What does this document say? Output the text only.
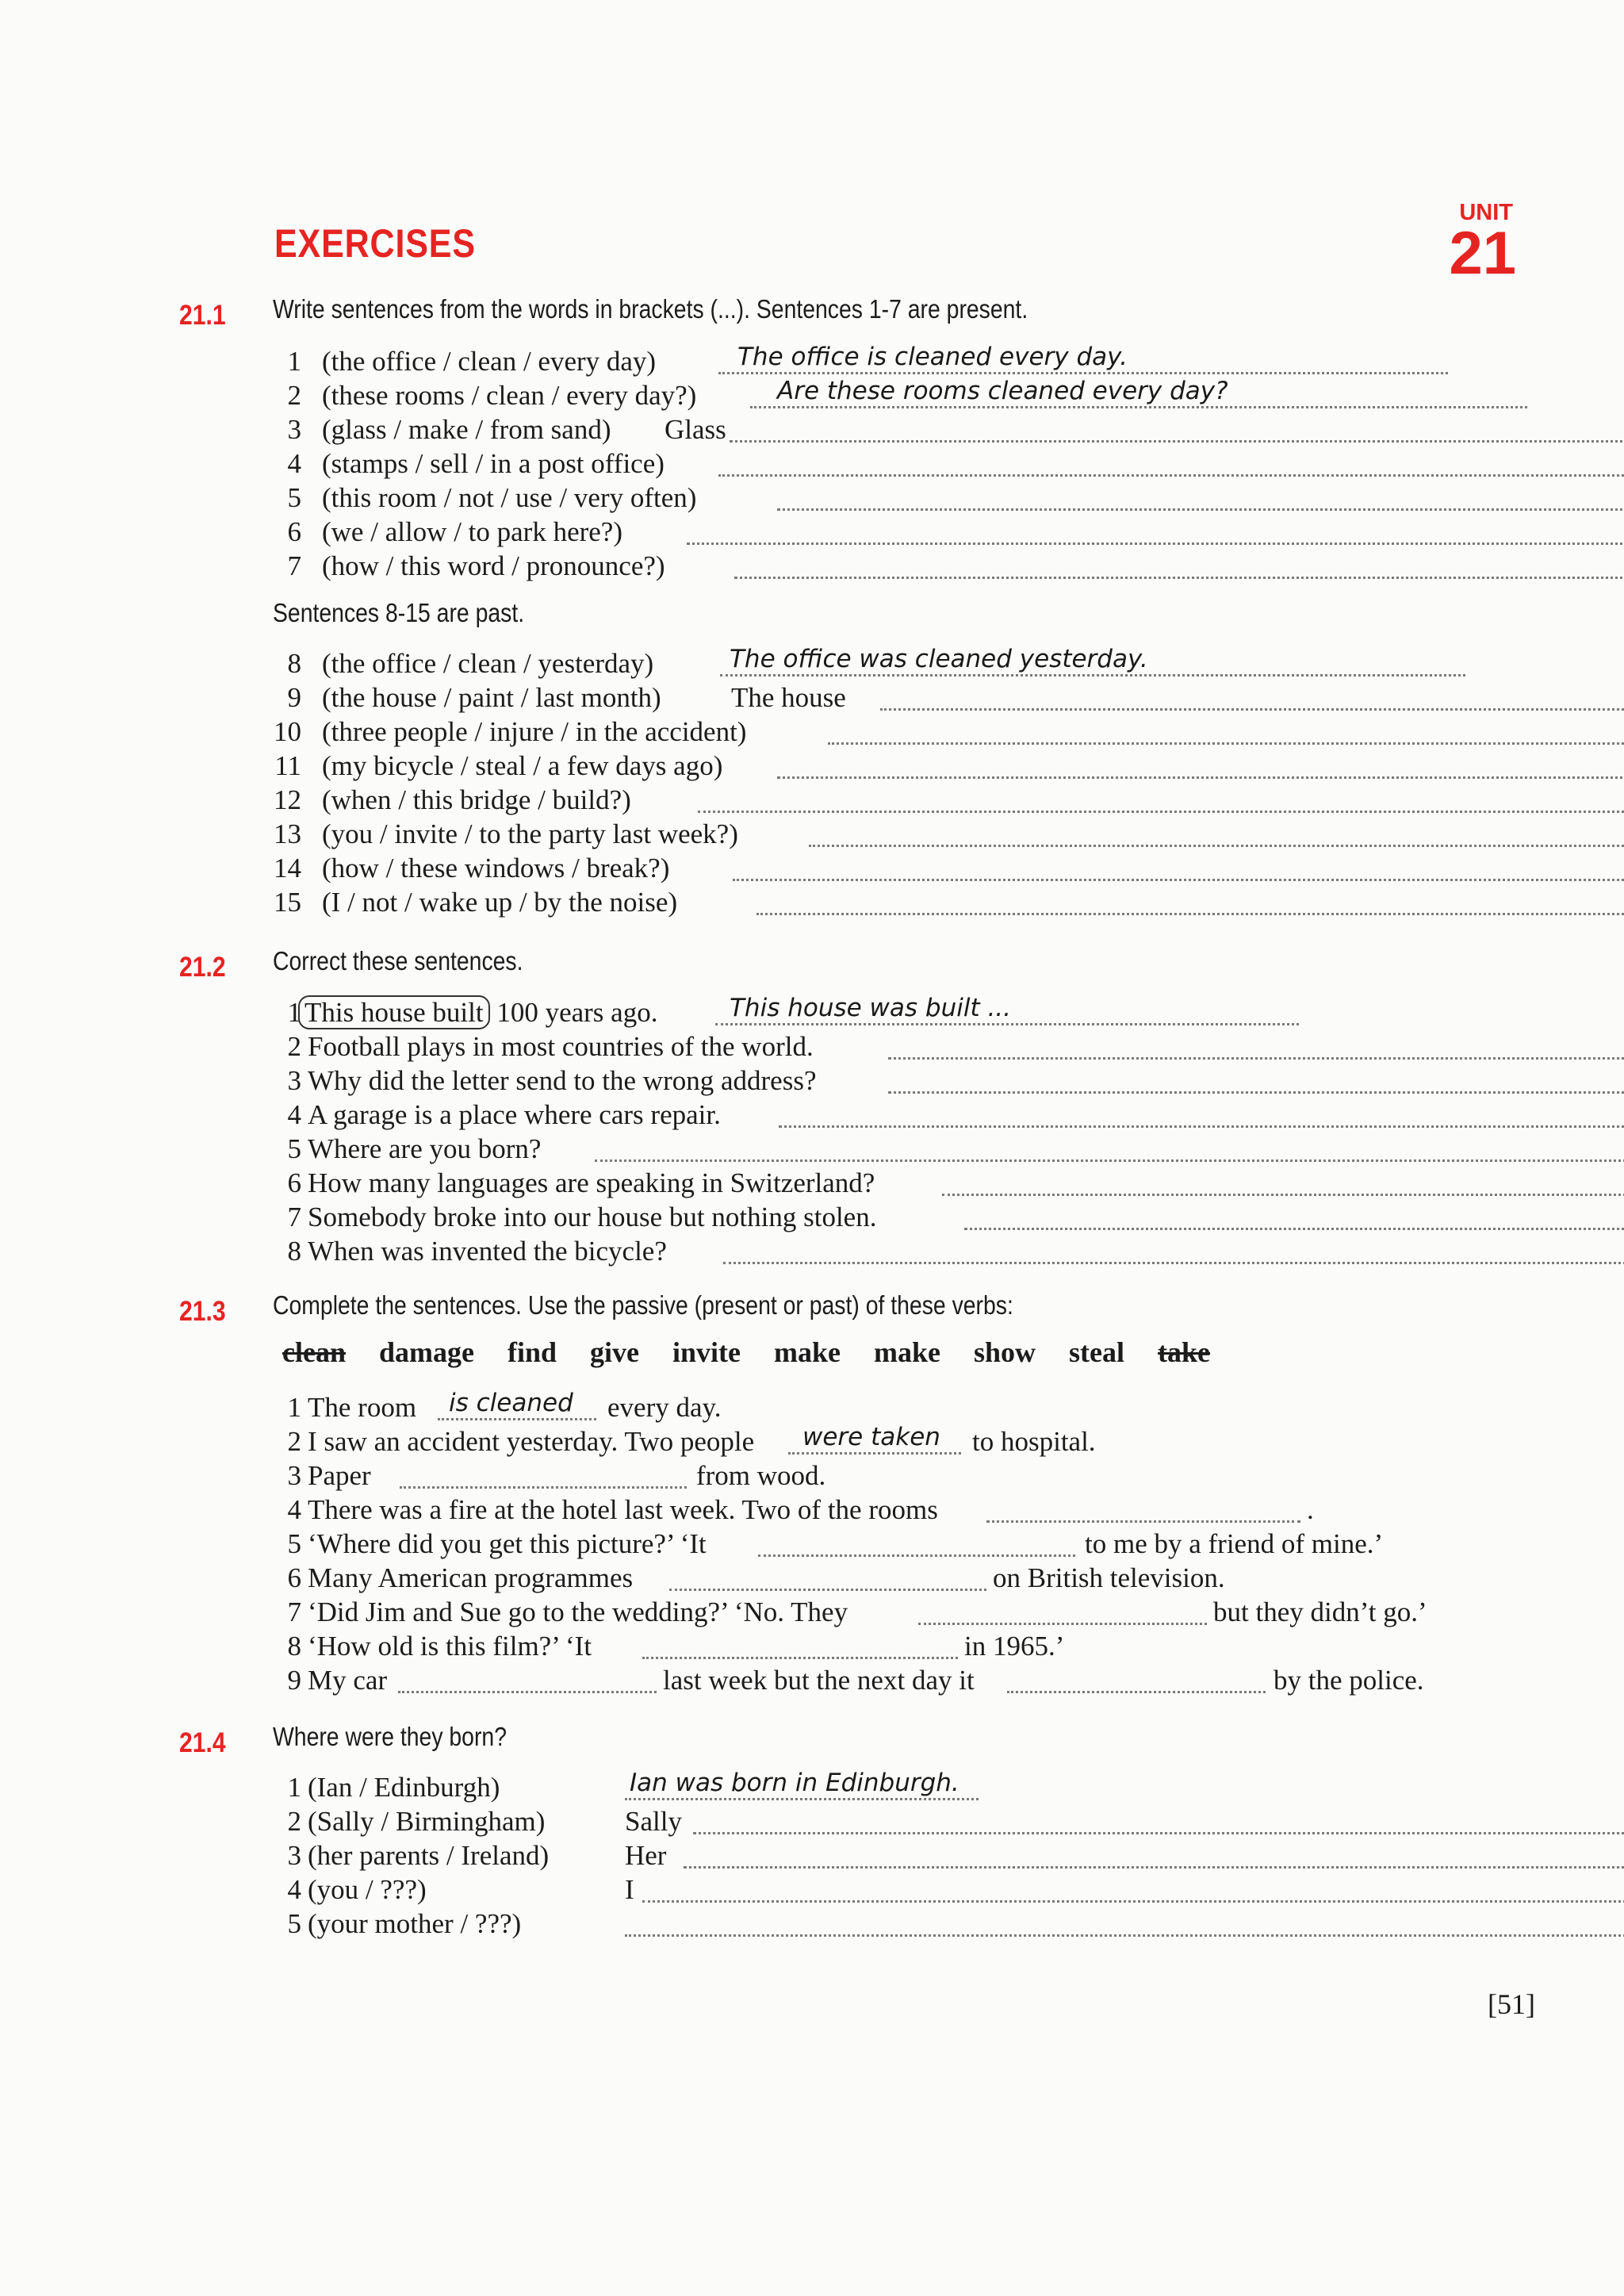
EXERCISES
UNIT
21
21.1 Write sentences from the words in brackets (...). Sentences 1-7 are present.
1 (the office / clean / every day)	The office is cleaned every day.
2 (these rooms / clean / every day?)	Are these rooms cleaned every day?
3 (glass / make / from sand) Glass
4 (stamps / sell / in a post office)
5 (this room / not / use / very often)
6 (we / allow / to park here?)
7 (how / this word / pronounce?)
Sentences 8-15 are past.
8 (the office / clean / yesterday)	The office was cleaned yesterday.
9 (the house / paint / last month)	The house
10 (three people / injure / in the accident)
11 (my bicycle / steal / a few days ago)
12 (when / this bridge / build?)
13 (you / invite / to the party last week?)
14 (how / these windows / break?)
15 (I / not / wake up / by the noise)
21.2 Correct these sentences.
1 This house built 100 years ago.	This house was built ...
2 Football plays in most countries of the world.
3 Why did the letter send to the wrong address?
4 A garage is a place where cars repair.
5 Where are you born?
6 How many languages are speaking in Switzerland?
7 Somebody broke into our house but nothing stolen.
8 When was invented the bicycle?
21.3 Complete the sentences. Use the passive (present or past) of these verbs:
clean damage find give invite make make show steal take
1 The room is cleaned every day.
2 I saw an accident yesterday. Two people were taken to hospital.
3 Paper	from wood.
4 There was a fire at the hotel last week. Two of the rooms	.
5 ‘Where did you get this picture?’ ‘It	to me by a friend of mine.’
6 Many American programmes	on British television.
7 ‘Did Jim and Sue go to the wedding?’ ‘No. They	but they didn’t go.’
8 ‘How old is this film?’ ‘It	in 1965.’
9 My car	last week but the next day it	by the police.
21.4 Where were they born?
1 (Ian / Edinburgh)	Ian was born in Edinburgh.
2 (Sally / Birmingham)	Sally
3 (her parents / Ireland)	Her
4 (you / ???)	I
5 (your mother / ???)
[51]
